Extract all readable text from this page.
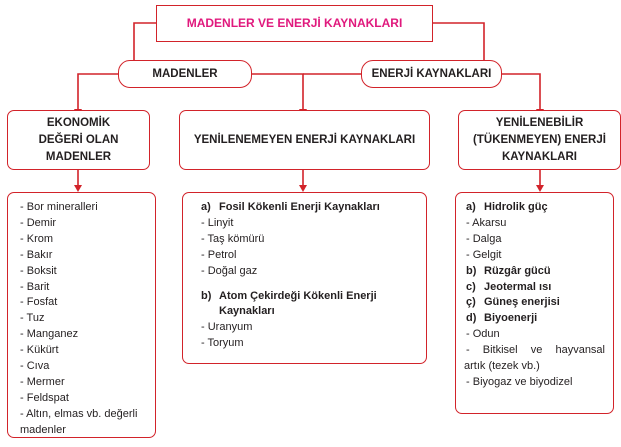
MADENLER VE ENERJİ KAYNAKLARI
MADENLER	ENERJİ KAYNAKLARI
EKONOMİK
DEĞERİ OLAN
MADENLER
YENİLENEMEYEN ENERJİ KAYNAKLARI
YENİLENEBİLİR
(TÜKENMEYEN) ENERJİ
KAYNAKLARI
- Bor mineralleri
- Demir
- Krom
- Bakır
- Boksit
- Barit
- Fosfat
- Tuz
- Manganez
- Kükürt
- Cıva
- Mermer
- Feldspat
- Altın, elmas vb. değerli
madenler
a) Fosil Kökenli Enerji Kaynakları
- Linyit
- Taş kömürü
- Petrol
- Doğal gaz
b) Atom Çekirdeği Kökenli Enerji
Kaynakları
- Uranyum
- Toryum
a) Hidrolik güç
- Akarsu
- Dalga
- Gelgit
b) Rüzgâr gücü
c) Jeotermal ısı
ç) Güneş enerjisi
d) Biyoenerji
- Odun
- Bitkisel ve hayvansal
artık (tezek vb.)
- Biyogaz ve biyodizel
